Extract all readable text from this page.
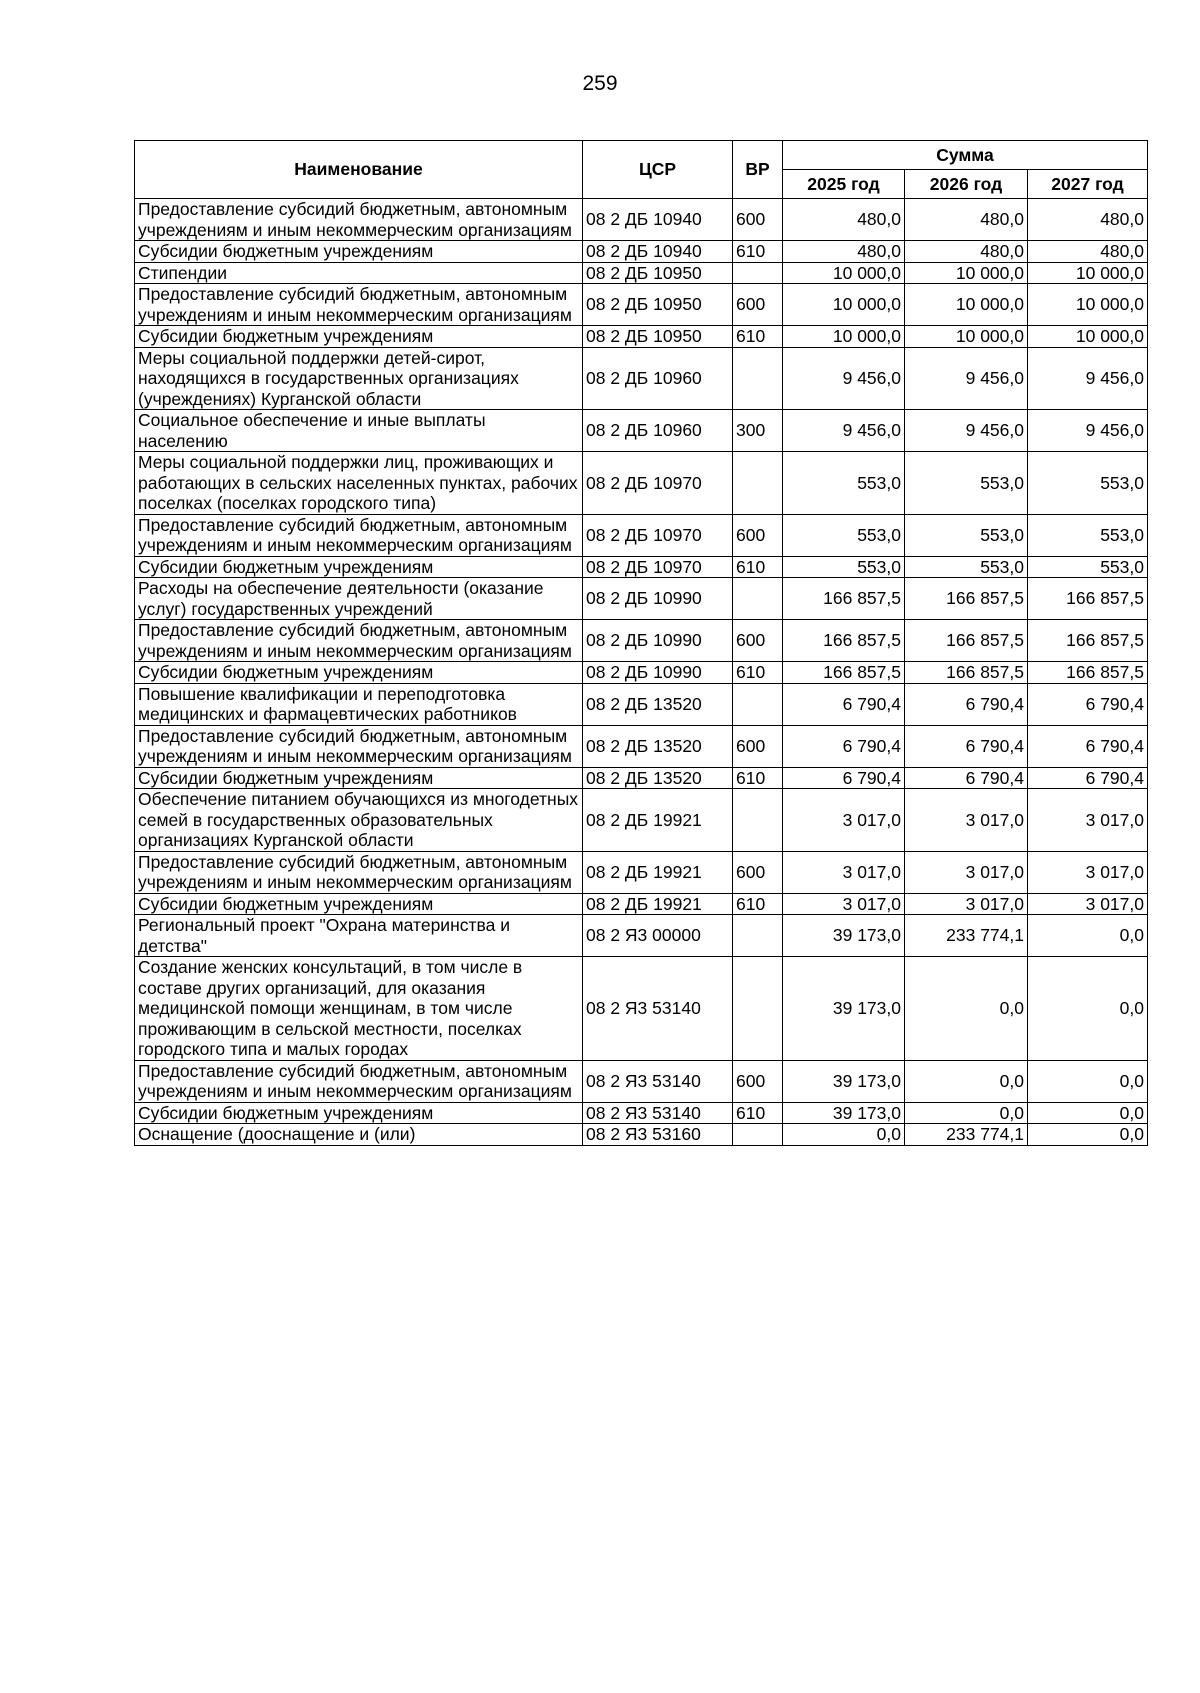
259
Наименование	ЦСР	ВР	Сумма		
			2025 год	2026 год	2027 год
Предоставление субсидий бюджетным, автономным учреждениям и иным некоммерческим организациям	08 2 ДБ 10940	600	480,0	480,0	480,0
Субсидии бюджетным учреждениям	08 2 ДБ 10940	610	480,0	480,0	480,0
Стипендии	08 2 ДБ 10950		10 000,0	10 000,0	10 000,0
Предоставление субсидий бюджетным, автономным учреждениям и иным некоммерческим организациям	08 2 ДБ 10950	600	10 000,0	10 000,0	10 000,0
Субсидии бюджетным учреждениям	08 2 ДБ 10950	610	10 000,0	10 000,0	10 000,0
Меры социальной поддержки детей-сирот, находящихся в государственных организациях (учреждениях) Курганской области	08 2 ДБ 10960		9 456,0	9 456,0	9 456,0
Социальное обеспечение и иные выплаты населению	08 2 ДБ 10960	300	9 456,0	9 456,0	9 456,0
Меры социальной поддержки лиц, проживающих и работающих в сельских населенных пунктах, рабочих поселках (поселках городского типа)	08 2 ДБ 10970		553,0	553,0	553,0
Предоставление субсидий бюджетным, автономным учреждениям и иным некоммерческим организациям	08 2 ДБ 10970	600	553,0	553,0	553,0
Субсидии бюджетным учреждениям	08 2 ДБ 10970	610	553,0	553,0	553,0
Расходы на обеспечение деятельности (оказание услуг) государственных учреждений	08 2 ДБ 10990		166 857,5	166 857,5	166 857,5
Предоставление субсидий бюджетным, автономным учреждениям и иным некоммерческим организациям	08 2 ДБ 10990	600	166 857,5	166 857,5	166 857,5
Субсидии бюджетным учреждениям	08 2 ДБ 10990	610	166 857,5	166 857,5	166 857,5
Повышение квалификации и переподготовка медицинских и фармацевтических работников	08 2 ДБ 13520		6 790,4	6 790,4	6 790,4
Предоставление субсидий бюджетным, автономным учреждениям и иным некоммерческим организациям	08 2 ДБ 13520	600	6 790,4	6 790,4	6 790,4
Субсидии бюджетным учреждениям	08 2 ДБ 13520	610	6 790,4	6 790,4	6 790,4
Обеспечение питанием обучающихся из многодетных семей в государственных образовательных организациях Курганской области	08 2 ДБ 19921		3 017,0	3 017,0	3 017,0
Предоставление субсидий бюджетным, автономным учреждениям и иным некоммерческим организациям	08 2 ДБ 19921	600	3 017,0	3 017,0	3 017,0
Субсидии бюджетным учреждениям	08 2 ДБ 19921	610	3 017,0	3 017,0	3 017,0
Региональный проект "Охрана материнства и детства"	08 2 Я3 00000		39 173,0	233 774,1	0,0
Создание женских консультаций, в том числе в составе других организаций, для оказания медицинской помощи женщинам, в том числе проживающим в сельской местности, поселках городского типа и малых городах	08 2 Я3 53140		39 173,0	0,0	0,0
Предоставление субсидий бюджетным, автономным учреждениям и иным некоммерческим организациям	08 2 Я3 53140	600	39 173,0	0,0	0,0
Субсидии бюджетным учреждениям	08 2 Я3 53140	610	39 173,0	0,0	0,0
Оснащение (дооснащение и (или)	08 2 Я3 53160		0,0	233 774,1	0,0
